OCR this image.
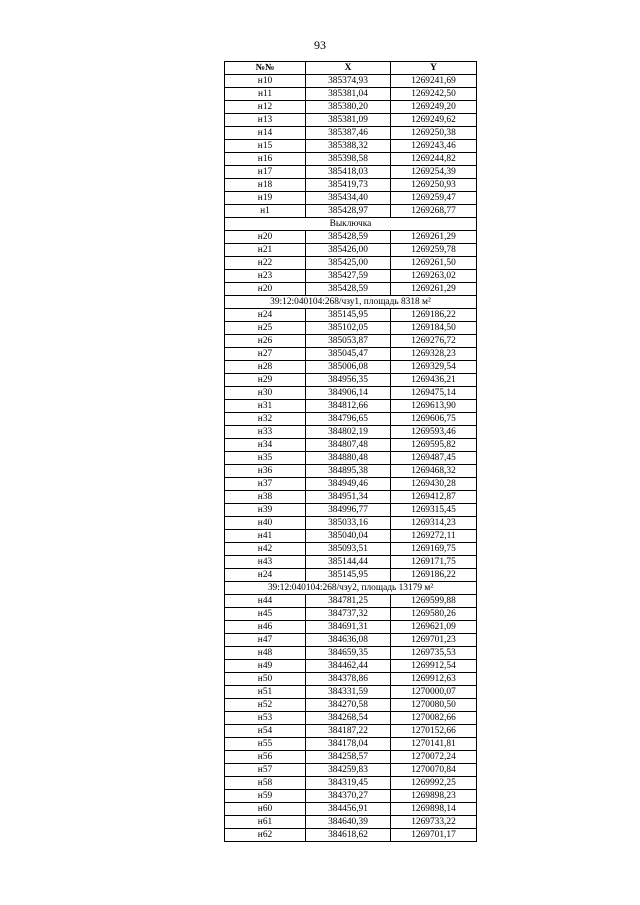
93
№№	X	Y
н10	385374,93	1269241,69
н11	385381,04	1269242,50
н12	385380,20	1269249,20
н13	385381,09	1269249,62
н14	385387,46	1269250,38
н15	385388,32	1269243,46
н16	385398,58	1269244,82
н17	385418,03	1269254,39
н18	385419,73	1269250,93
н19	385434,40	1269259,47
н1	385428,97	1269268,77
Выключка		
н20	385428,59	1269261,29
н21	385426,00	1269259,78
н22	385425,00	1269261,50
н23	385427,59	1269263,02
н20	385428,59	1269261,29
39:12:040104:268/чзу1, площадь 8318 м²		
н24	385145,95	1269186,22
н25	385102,05	1269184,50
н26	385053,87	1269276,72
н27	385045,47	1269328,23
н28	385006,08	1269329,54
н29	384956,35	1269436,21
н30	384906,14	1269475,14
н31	384812,66	1269613,90
н32	384796,65	1269606,75
н33	384802,19	1269593,46
н34	384807,48	1269595,82
н35	384880,48	1269487,45
н36	384895,38	1269468,32
н37	384949,46	1269430,28
н38	384951,34	1269412,87
н39	384996,77	1269315,45
н40	385033,16	1269314,23
н41	385040,04	1269272,11
н42	385093,51	1269169,75
н43	385144,44	1269171,75
н24	385145,95	1269186,22
39:12:040104:268/чзу2, площадь 13179 м²		
н44	384781,25	1269599,88
н45	384737,32	1269580,26
н46	384691,31	1269621,09
н47	384636,08	1269701,23
н48	384659,35	1269735,53
н49	384462,44	1269912,54
н50	384378,86	1269912,63
н51	384331,59	1270000,07
н52	384270,58	1270080,50
н53	384268,54	1270082,66
н54	384187,22	1270152,66
н55	384178,04	1270141,81
н56	384258,57	1270072,24
н57	384259,83	1270070,84
н58	384319,45	1269992,25
н59	384370,27	1269898,23
н60	384456,91	1269898,14
н61	384640,39	1269733,22
н62	384618,62	1269701,17
